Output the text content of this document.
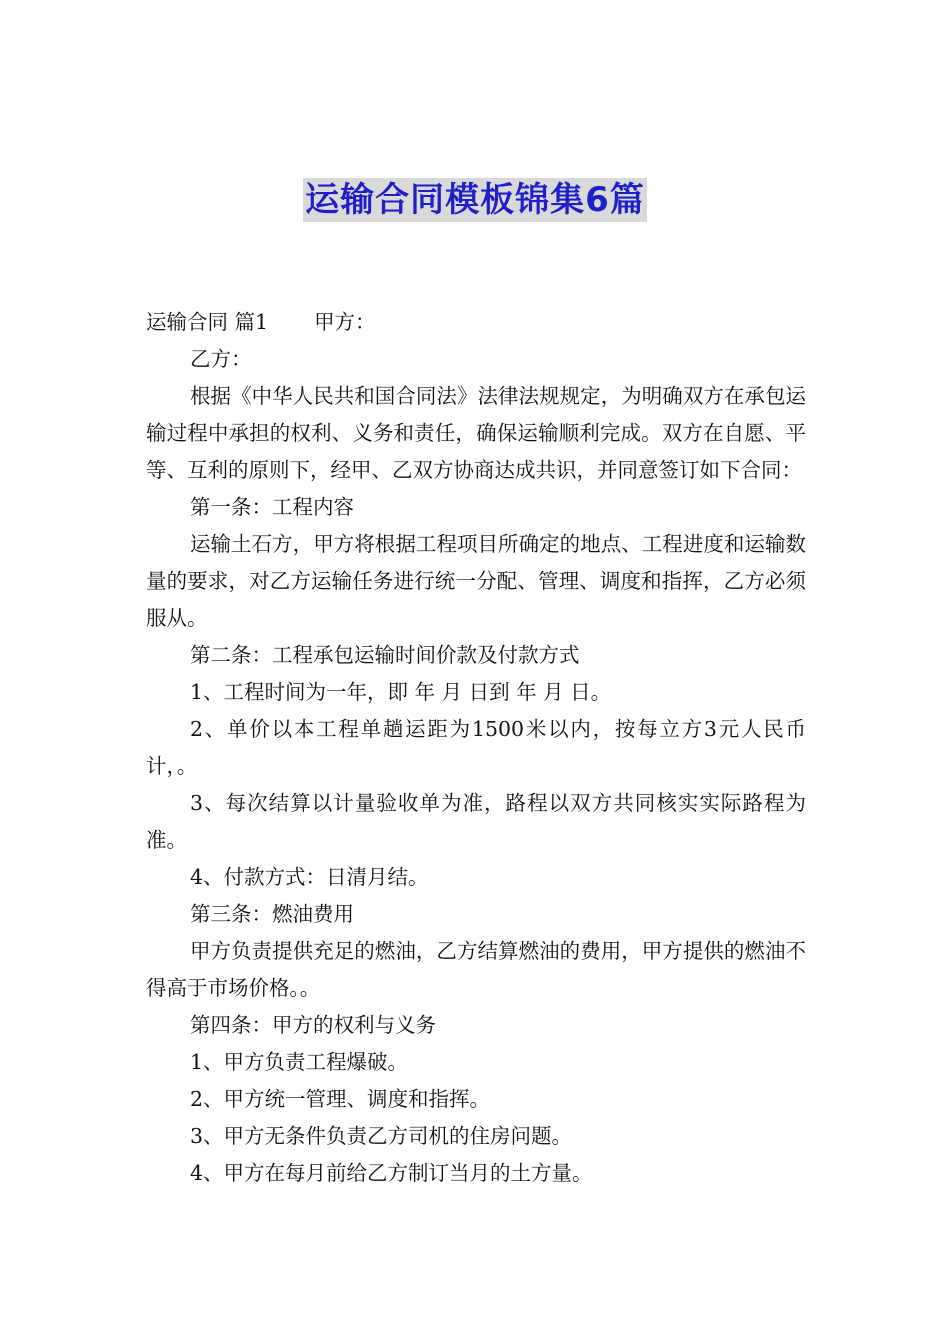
运输合同模板锦集6篇

运输合同 篇1 甲方：

乙方：

根据《中华人民共和国合同法》法律法规规定，为明确双方在承包运输过程中承担的权利、义务和责任，确保运输顺利完成。双方在自愿、平等、互利的原则下，经甲、乙双方协商达成共识，并同意签订如下合同：

第一条：工程内容

运输土石方，甲方将根据工程项目所确定的地点、工程进度和运输数量的要求，对乙方运输任务进行统一分配、管理、调度和指挥，乙方必须服从。

第二条：工程承包运输时间价款及付款方式

1、工程时间为一年，即 年 月 日到 年 月 日。

2、单价以本工程单趟运距为1500米以内，按每立方3元人民币计，。

3、每次结算以计量验收单为准，路程以双方共同核实实际路程为准。

4、付款方式：日清月结。

第三条：燃油费用

甲方负责提供充足的燃油，乙方结算燃油的费用，甲方提供的燃油不得高于市场价格。。

第四条：甲方的权利与义务

1、甲方负责工程爆破。

2、甲方统一管理、调度和指挥。

3、甲方无条件负责乙方司机的住房问题。

4、甲方在每月前给乙方制订当月的土方量。
